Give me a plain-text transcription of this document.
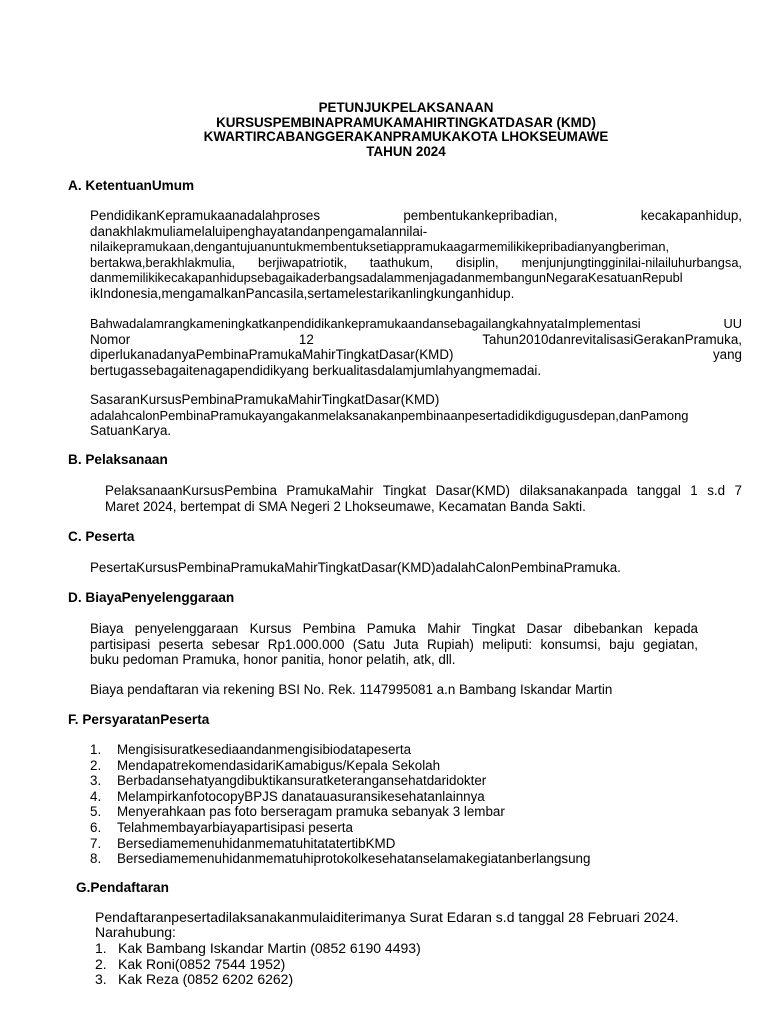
PETUNJUKPELAKSANAAN
KURSUSPEMBINAPRAMUKAMAHIRTINGKATDASAR (KMD)
KWARTIRCABANGGERAKANPRAMUKAKOTA LHOKSEUMAWE
TAHUN 2024
A. KetentuanUmum
PendidikanKepramukaanadalahproses pembentukankepribadian, kecakapanhidup,
danakhlakmuliamelaluipenghayatandanpengamalannilai-
nilaikepramukaan,dengantujuanuntukmembentuksetiappramukaagarmemilikikepribadianyangberiman,
bertakwa,berakhlakmulia, berjiwapatriotik, taathukum, disiplin, menjunjungtingginilai-nilailuhurbangsa,
danmemilikikecakapanhidupsebagaikaderbangsadalammenjagadanmembangunNegaraKesatuanRepubl
ikIndonesia,mengamalkanPancasila,sertamelestarikanlingkunganhidup.
BahwadalamrangkameningkatkanpendidikankepramukaandansebagailangkahnyataImplementasi UU
Nomor 12 Tahun2010danrevitalisasiGerakanPramuka,
diperlukanadanyaPembinaPramukaMahirTingkatDasar(KMD) yang
bertugassebagaitenagapendidikyang berkualitasdalamjumlahyangmemadai.
SasaranKursusPembinaPramukaMahirTingkatDasar(KMD)
adalahcalonPembinaPramukayangakanmelaksanakanpembinaanpesertadidikdigugusdepan,danPamong
SatuanKarya.
B. Pelaksanaan
PelaksanaanKursusPembina PramukaMahir Tingkat Dasar(KMD) dilaksanakanpada tanggal 1 s.d 7
Maret 2024, bertempat di SMA Negeri 2 Lhokseumawe, Kecamatan Banda Sakti.
C. Peserta
PesertaKursusPembinaPramukaMahirTingkatDasar(KMD)adalahCalonPembinaPramuka.
D. BiayaPenyelenggaraan
Biaya penyelenggaraan Kursus Pembina Pamuka Mahir Tingkat Dasar dibebankan kepada
partisipasi peserta sebesar Rp1.000.000 (Satu Juta Rupiah) meliputi: konsumsi, baju gegiatan,
buku pedoman Pramuka, honor panitia, honor pelatih, atk, dll.
Biaya pendaftaran via rekening BSI No. Rek. 1147995081 a.n Bambang Iskandar Martin
F. PersyaratanPeserta
1. Mengisisuratkesediaandanmengisibiodatapeserta
2. MendapatrekomendasidariKamabigus/Kepala Sekolah
3. Berbadansehatyangdibuktikansuratketerangansehatdaridokter
4. MelampirkanfotocopyBPJS danatauasuransikesehatanlainnya
5. Menyerahkaan pas foto berseragam pramuka sebanyak 3 lembar
6. Telahmembayarbiayapartisipasi peserta
7. BersediamemenuhidanmematuhitatatertibKMD
8. Bersediamemenuhidanmematuhiprotokolkesehatanselamakegiatanberlangsung
G.Pendaftaran
Pendaftaranpesertadilaksanakanmulaiditerimanya Surat Edaran s.d tanggal 28 Februari 2024.
Narahubung:
1. Kak Bambang Iskandar Martin (0852 6190 4493)
2. Kak Roni(0852 7544 1952)
3. Kak Reza (0852 6202 6262)
